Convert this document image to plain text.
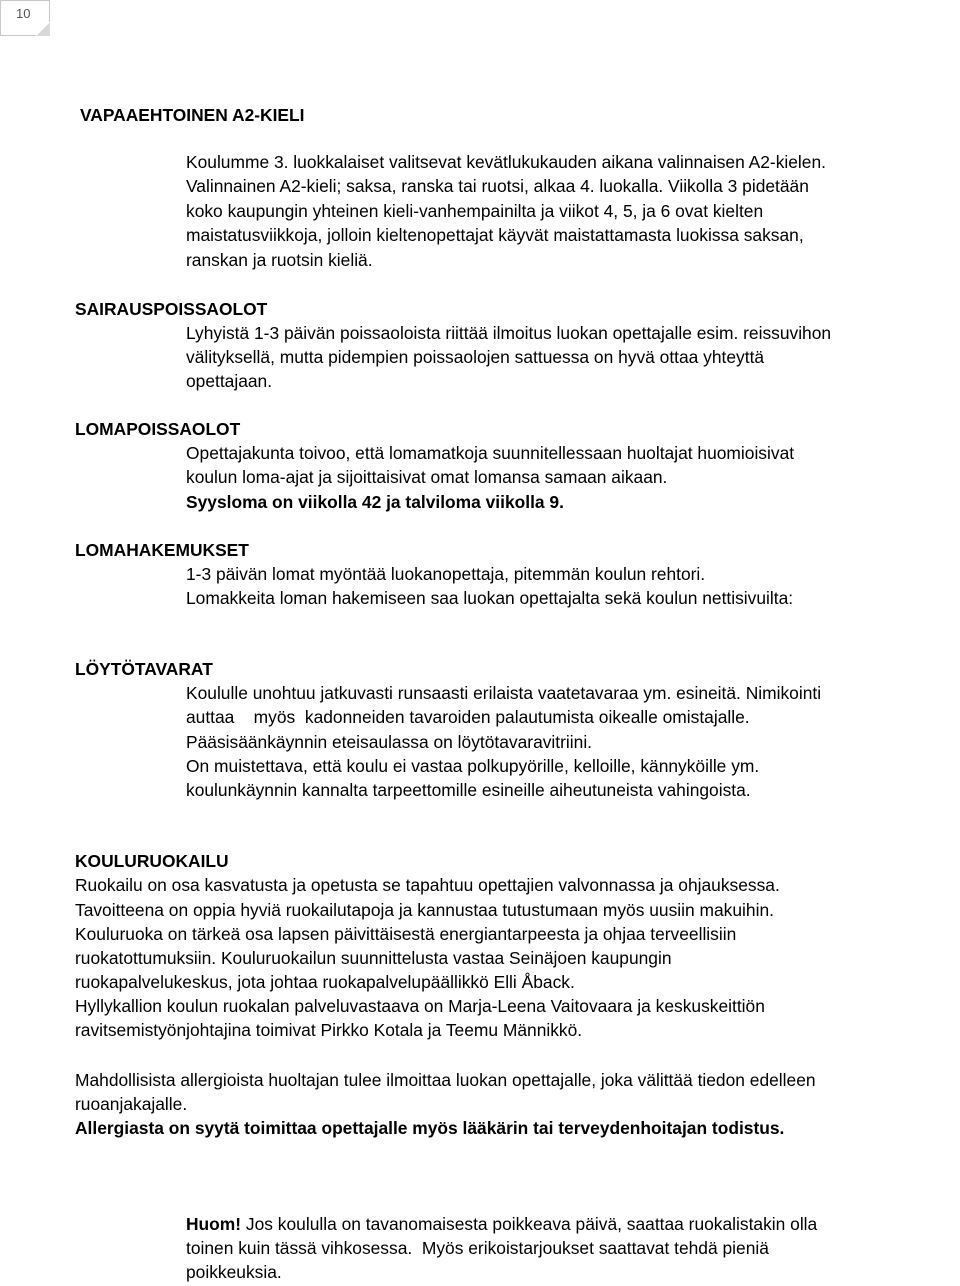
10
VAPAAEHTOINEN A2-KIELI
Koulumme 3. luokkalaiset valitsevat kevätlukukauden aikana valinnaisen A2-kielen.
Valinnainen A2-kieli; saksa, ranska tai ruotsi, alkaa 4. luokalla. Viikolla 3 pidetään
koko kaupungin yhteinen kieli-vanhempainilta ja viikot 4, 5, ja 6 ovat kielten
maistatusviikkoja, jolloin kieltenopettajat käyvät maistattamasta luokissa saksan,
ranskan ja ruotsin kieliä.
SAIRAUSPOISSAOLOT
Lyhyistä 1-3 päivän poissaoloista riittää ilmoitus luokan opettajalle esim. reissuvihon
välityksellä, mutta pidempien poissaolojen sattuessa on hyvä ottaa yhteyttä
opettajaan.
LOMAPOISSAOLOT
Opettajakunta toivoo, että lomamatkoja suunnitellessaan huoltajat huomioisivat
koulun loma-ajat ja sijoittaisivat omat lomansa samaan aikaan.
Syysloma on viikolla 42 ja talviloma viikolla 9.
LOMAHAKEMUKSET
1-3 päivän lomat myöntää luokanopettaja, pitemmän koulun rehtori.
Lomakkeita loman hakemiseen saa luokan opettajalta sekä koulun nettisivuilta:
LÖYTÖTAVARAT
Koululle unohtuu jatkuvasti runsaasti erilaista vaatetavaraa ym. esineitä. Nimikointi
auttaa    myös  kadonneiden tavaroiden palautumista oikealle omistajalle.
Pääsisäänkäynnin eteisaulassa on löytötavaravitriini.
On muistettava, että koulu ei vastaa polkupyörille, kelloille, kännyköille ym.
koulunkäynnin kannalta tarpeettomille esineille aiheutuneista vahingoista.
KOULURUOKAILU
Ruokailu on osa kasvatusta ja opetusta se tapahtuu opettajien valvonnassa ja ohjauksessa.
Tavoitteena on oppia hyviä ruokailutapoja ja kannustaa tutustumaan myös uusiin makuihin.
Kouluruoka on tärkeä osa lapsen päivittäisestä energiantarpeesta ja ohjaa terveellisiin
ruokatottumuksiin. Kouluruokailun suunnittelusta vastaa Seinäjoen kaupungin
ruokapalvelukeskus, jota johtaa ruokapalvelupäällikkö Elli Åback.
Hyllykallion koulun ruokalan palveluvastaava on Marja-Leena Vaitovaara ja keskuskeittiön
ravitsemistyönjohtajina toimivat Pirkko Kotala ja Teemu Männikkö.
Mahdollisista allergioista huoltajan tulee ilmoittaa luokan opettajalle, joka välittää tiedon edelleen
ruoanjakajalle.
Allergiasta on syytä toimittaa opettajalle myös lääkärin tai terveydenhoitajan todistus.
Huom! Jos koululla on tavanomaisesta poikkeava päivä, saattaa ruokalistakin olla
toinen kuin tässä vihkosessa.  Myös erikoistarjoukset saattavat tehdä pieniä
poikkeuksia.
